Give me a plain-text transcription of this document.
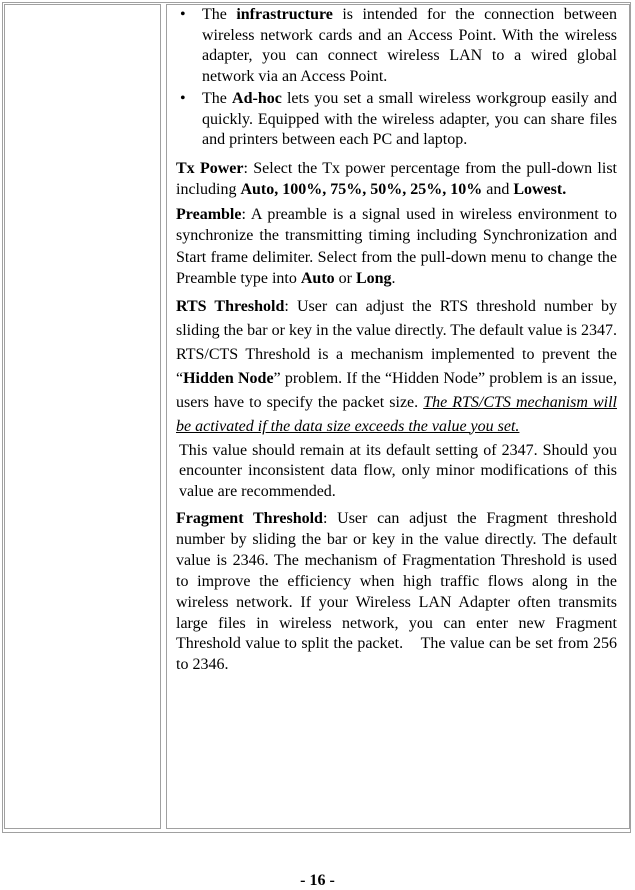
• The infrastructure is intended for the connection between wireless network cards and an Access Point. With the wireless adapter, you can connect wireless LAN to a wired global network via an Access Point.
• The Ad-hoc lets you set a small wireless workgroup easily and quickly. Equipped with the wireless adapter, you can share files and printers between each PC and laptop.

Tx Power: Select the Tx power percentage from the pull-down list including Auto, 100%, 75%, 50%, 25%, 10% and Lowest.

Preamble: A preamble is a signal used in wireless environment to synchronize the transmitting timing including Synchronization and Start frame delimiter. Select from the pull-down menu to change the Preamble type into Auto or Long.

RTS Threshold: User can adjust the RTS threshold number by sliding the bar or key in the value directly. The default value is 2347. RTS/CTS Threshold is a mechanism implemented to prevent the “Hidden Node” problem. If the “Hidden Node” problem is an issue, users have to specify the packet size. The RTS/CTS mechanism will be activated if the data size exceeds the value you set.

This value should remain at its default setting of 2347. Should you encounter inconsistent data flow, only minor modifications of this value are recommended.

Fragment Threshold: User can adjust the Fragment threshold number by sliding the bar or key in the value directly. The default value is 2346. The mechanism of Fragmentation Threshold is used to improve the efficiency when high traffic flows along in the wireless network. If your Wireless LAN Adapter often transmits large files in wireless network, you can enter new Fragment Threshold value to split the packet.    The value can be set from 256 to 2346.

- 16 -
